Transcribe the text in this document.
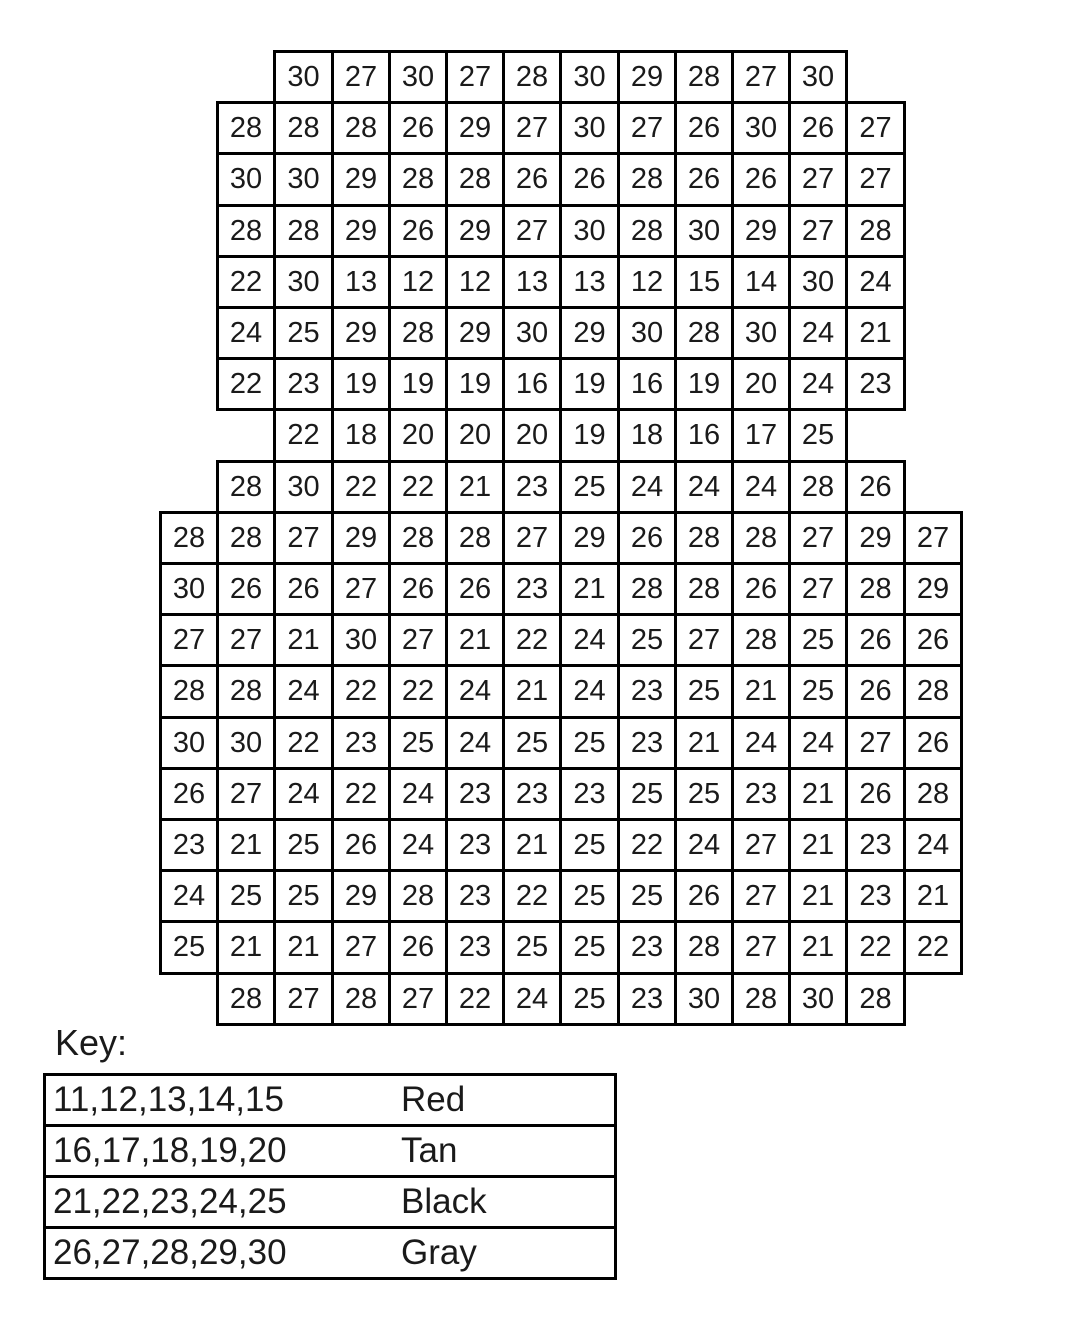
30 27 30 27 28 30 29 28 27 30
28 28 28 26 29 27 30 27 26 30 26 27
30 30 29 28 28 26 26 28 26 26 27 27
28 28 29 26 29 27 30 28 30 29 27 28
22 30 13 12 12 13 13 12 15 14 30 24
24 25 29 28 29 30 29 30 28 30 24 21
22 23 19 19 19 16 19 16 19 20 24 23
22 18 20 20 20 19 18 16 17 25
28 30 22 22 21 23 25 24 24 24 28 26
28 28 27 29 28 28 27 29 26 28 28 27 29 27
30 26 26 27 26 26 23 21 28 28 26 27 28 29
27 27 21 30 27 21 22 24 25 27 28 25 26 26
28 28 24 22 22 24 21 24 23 25 21 25 26 28
30 30 22 23 25 24 25 25 23 21 24 24 27 26
26 27 24 22 24 23 23 23 25 25 23 21 26 28
23 21 25 26 24 23 21 25 22 24 27 21 23 24
24 25 25 29 28 23 22 25 25 26 27 21 23 21
25 21 21 27 26 23 25 25 23 28 27 21 22 22
28 27 28 27 22 24 25 23 30 28 30 28
Key:
11,12,13,14,15	Red
16,17,18,19,20	Tan
21,22,23,24,25	Black
26,27,28,29,30	Gray
